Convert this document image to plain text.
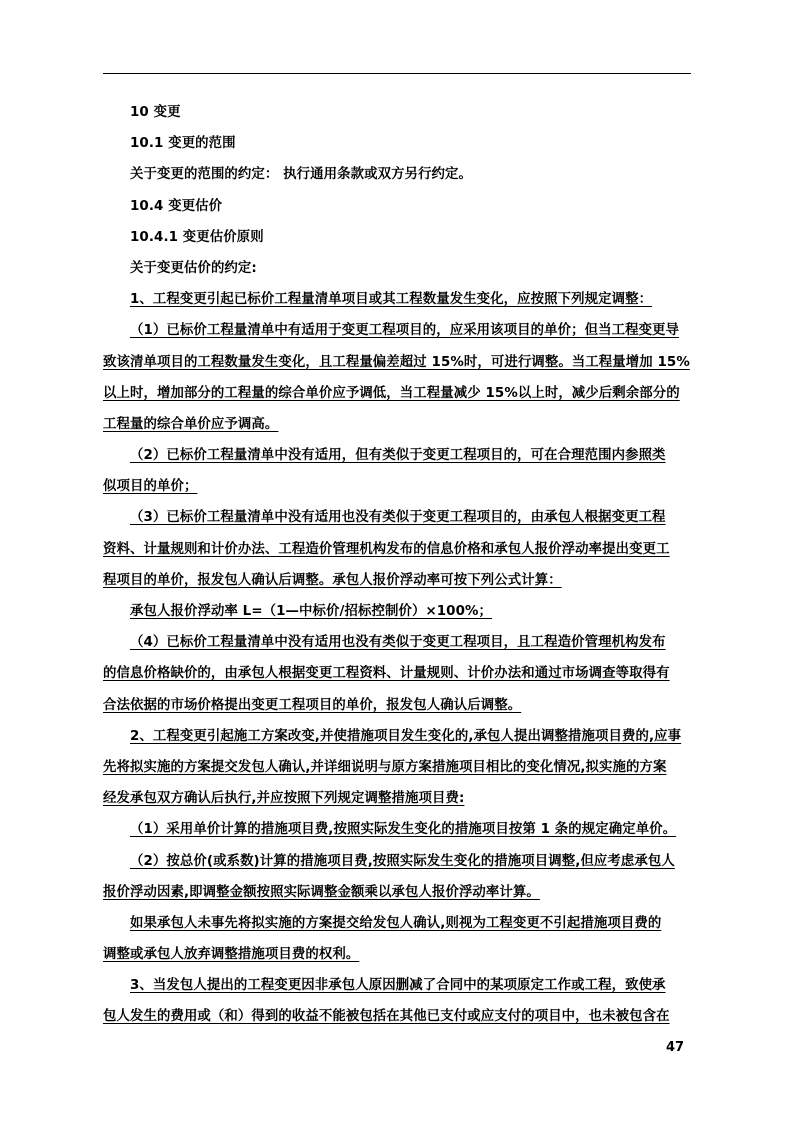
10 变更
10.1 变更的范围
关于变更的范围的约定： 执行通用条款或双方另行约定。
10.4 变更估价
10.4.1 变更估价原则
关于变更估价的约定:
1、工程变更引起已标价工程量清单项目或其工程数量发生变化，应按照下列规定调整：
（1）已标价工程量清单中有适用于变更工程项目的，应采用该项目的单价；但当工程变更导
致该清单项目的工程数量发生变化，且工程量偏差超过 15%时，可进行调整。当工程量增加 15%
以上时，增加部分的工程量的综合单价应予调低，当工程量减少 15%以上时，减少后剩余部分的
工程量的综合单价应予调高。
（2）已标价工程量清单中没有适用，但有类似于变更工程项目的，可在合理范围内参照类
似项目的单价；
（3）已标价工程量清单中没有适用也没有类似于变更工程项目的，由承包人根据变更工程
资料、计量规则和计价办法、工程造价管理机构发布的信息价格和承包人报价浮动率提出变更工
程项目的单价，报发包人确认后调整。承包人报价浮动率可按下列公式计算：
承包人报价浮动率 L=（1—中标价/招标控制价）×100%；
（4）已标价工程量清单中没有适用也没有类似于变更工程项目，且工程造价管理机构发布
的信息价格缺价的，由承包人根据变更工程资料、计量规则、计价办法和通过市场调查等取得有
合法依据的市场价格提出变更工程项目的单价，报发包人确认后调整。
2、工程变更引起施工方案改变,并使措施项目发生变化的,承包人提出调整措施项目费的,应事
先将拟实施的方案提交发包人确认,并详细说明与原方案措施项目相比的变化情况,拟实施的方案
经发承包双方确认后执行,并应按照下列规定调整措施项目费:
（1）采用单价计算的措施项目费,按照实际发生变化的措施项目按第 1 条的规定确定单价。
（2）按总价(或系数)计算的措施项目费,按照实际发生变化的措施项目调整,但应考虑承包人
报价浮动因素,即调整金额按照实际调整金额乘以承包人报价浮动率计算。
如果承包人未事先将拟实施的方案提交给发包人确认,则视为工程变更不引起措施项目费的
调整或承包人放弃调整措施项目费的权利。
3、当发包人提出的工程变更因非承包人原因删减了合同中的某项原定工作或工程，致使承
包人发生的费用或（和）得到的收益不能被包括在其他已支付或应支付的项目中，也未被包含在
47
